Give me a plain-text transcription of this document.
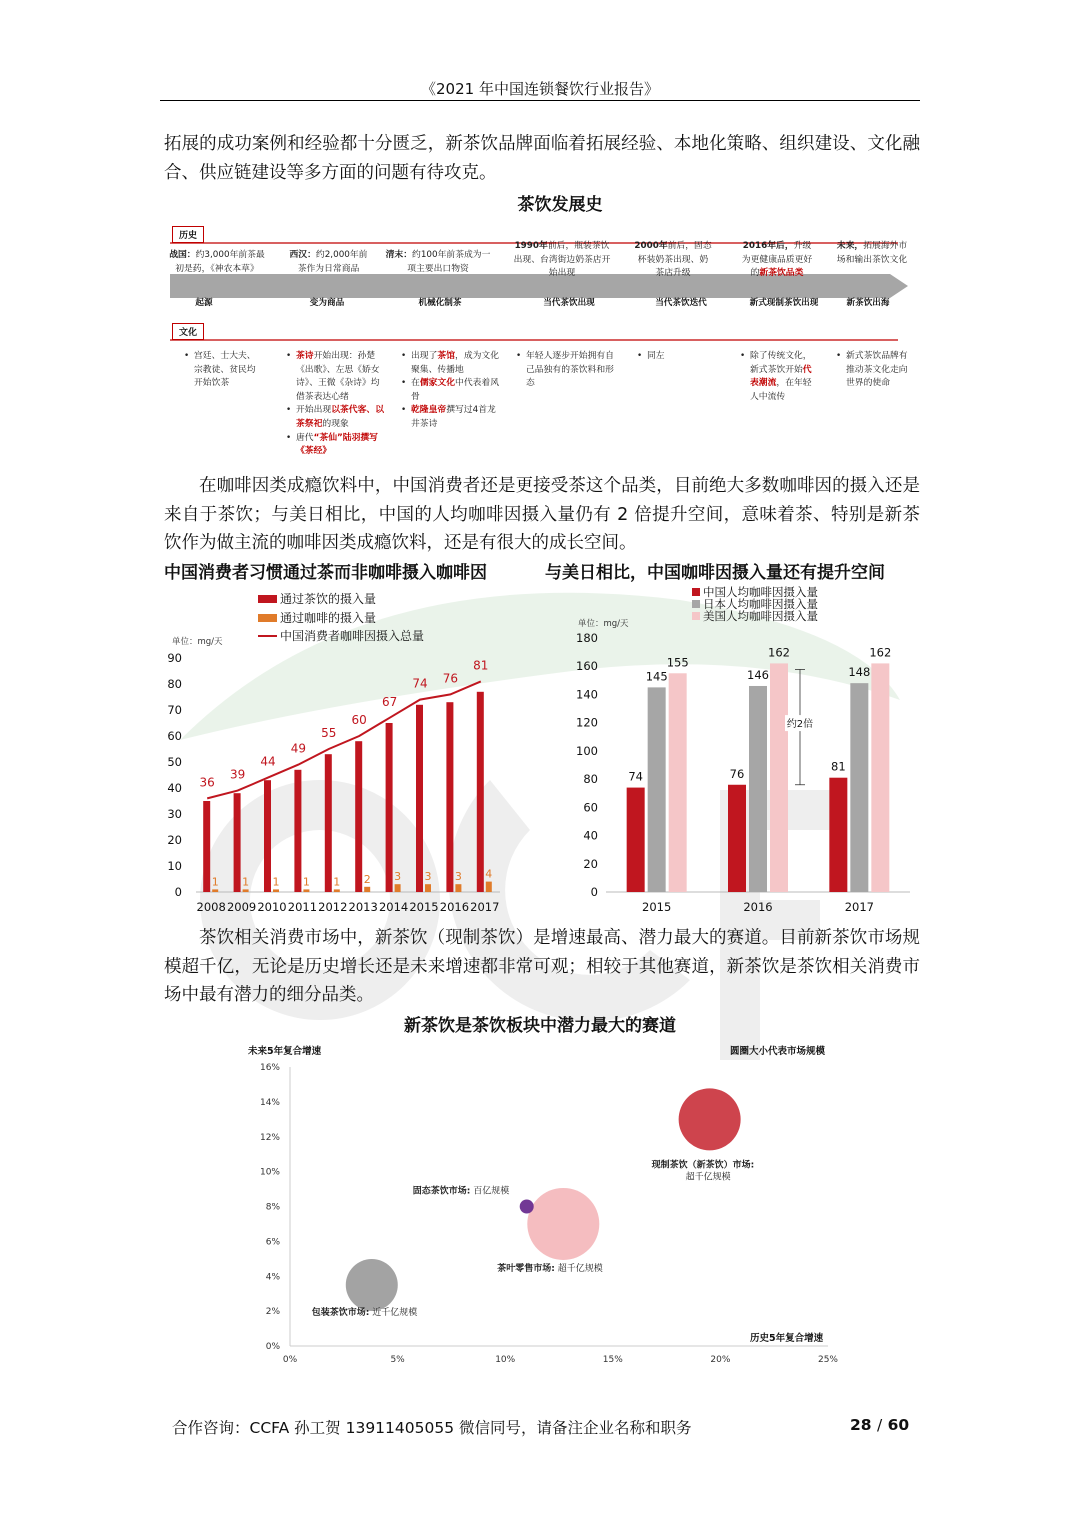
《2021 年中国连锁餐饮行业报告》
拓展的成功案例和经验都十分匮乏，新茶饮品牌面临着拓展经验、本地化策略、组织建设、文化融合、供应链建设等多方面的问题有待攻克。
茶饮发展史
历史
文化
战国：约3,000年前茶最初是药，《神农本草》
西汉：约2,000年前茶作为日常商品
清末：约100年前茶成为一项主要出口物资
1990年前后，瓶装茶饮出现、台湾街边奶茶店开始出现
2000年前后，固态杯装奶茶出现、奶茶店升级
2016年后，升级为更健康品质更好的新茶饮品类
未来，拓展海外市场和输出茶饮文化
起源	变为商品	机械化制茶	当代茶饮出现	当代茶饮迭代	新式现制茶饮出现	新茶饮出海
• 宫廷、士大夫、宗教徒、贫民均开始饮茶
• 茶诗开始出现：孙楚《出歌》、左思《娇女诗》、王微《杂诗》均借茶表达心绪
• 开始出现以茶代客、以茶祭祀的现象
• 唐代“茶仙”陆羽撰写《茶经》
• 出现了茶馆，成为文化聚集、传播地
• 在儒家文化中代表着风骨
• 乾隆皇帝撰写过4首龙井茶诗
• 年轻人逐步开始拥有自己品独有的茶饮料和形态
• 同左
•	除了传统文化，新式茶饮开始代表潮流，在年轻人中流传
• 新式茶饮品牌有推动茶文化走向世界的使命
在咖啡因类成瘾饮料中，中国消费者还是更接受茶这个品类，目前绝大多数咖啡因的摄入还是来自于茶饮；与美日相比，中国的人均咖啡因摄入量仍有 2 倍提升空间，意味着茶、特别是新茶饮作为做主流的咖啡因类成瘾饮料，还是有很大的成长空间。
中国消费者习惯通过茶而非咖啡摄入咖啡因	与美日相比，中国咖啡因摄入量还有提升空间
通过茶饮的摄入量
通过咖啡的摄入量
中国消费者咖啡因摄入总量
单位：mg/天
0
10
20
30
40
50
60
70
80
90
1
2008
1
2009
1
2010
1
2011
1
2012
2
2013
3
2014
3
2015
3
2016
4
2017
36
39
44
49
55
60
67
74 76
81
中国人均咖啡因摄入量
日本人均咖啡因摄入量
美国人均咖啡因摄入量
单位：mg/天
0
20
40
60
80
100
120
140
160
180
74
145
155
2015
76
146
162
2016
81
148
162
2017
约2倍
茶饮相关消费市场中，新茶饮（现制茶饮）是增速最高、潜力最大的赛道。目前新茶饮市场规模超千亿，无论是历史增长还是未来增速都非常可观；相较于其他赛道，新茶饮是茶饮相关消费市场中最有潜力的细分品类。
新茶饮是茶饮板块中潜力最大的赛道
未来5年复合增速	圆圈大小代表市场规模
历史5年复合增速
0%
2%
4%
6%
8%
10%
12%
14%
16%
0%	5%	10%	15%	20%	25%
现制茶饮（新茶饮）市场:超千亿规模
固态茶饮市场: 百亿规模
茶叶零售市场: 超千亿规模
包装茶饮市场: 近千亿规模
合作咨询：CCFA 孙工贺 13911405055 微信同号，请备注企业名称和职务	28 / 60
